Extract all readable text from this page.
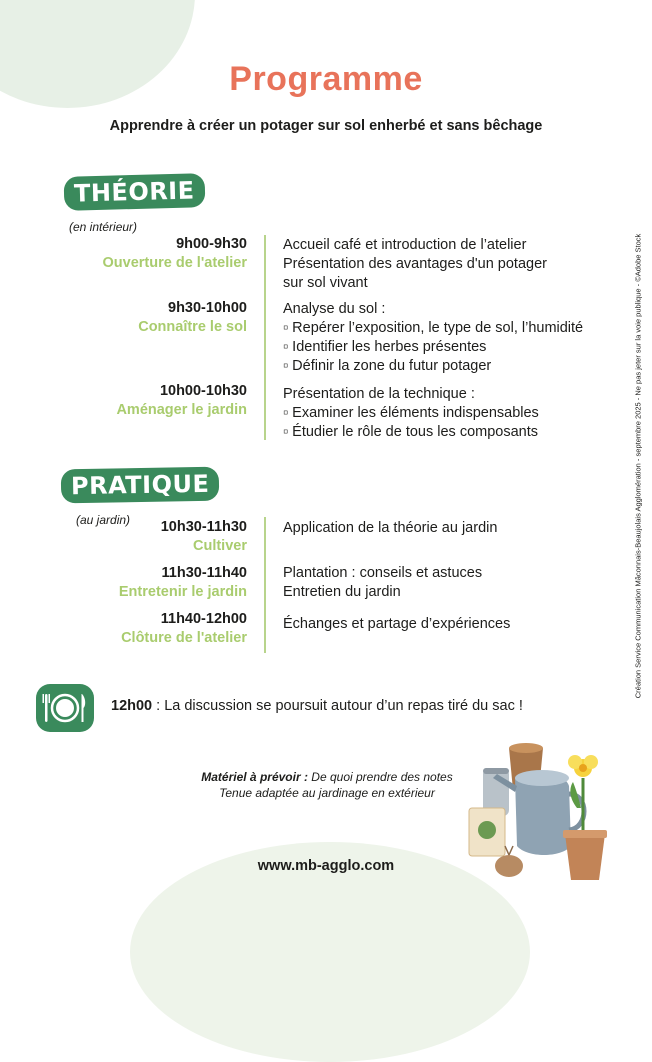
Programme
Apprendre à créer un potager sur sol enherbé et sans bêchage
THÉORIE
(en intérieur)
9h00-9h30
Ouverture de l'atelier
Accueil café et introduction de l’atelier
Présentation des avantages d'un potager
sur sol vivant
9h30-10h00
Connaître le sol
Analyse du sol :
▫ Repérer l’exposition, le type de sol, l’humidité
▫ Identifier les herbes présentes
▫ Définir la zone du futur potager
10h00-10h30
Aménager le jardin
Présentation de la technique :
▫ Examiner les éléments indispensables
▫ Étudier le rôle de tous les composants
PRATIQUE
(au jardin) 10h30-11h30
Cultiver
Application de la théorie au jardin
11h30-11h40
Entretenir le jardin
Plantation : conseils et astuces
Entretien du jardin
11h40-12h00
Clôture de l'atelier
Échanges et partage d’expériences
12h00 : La discussion se poursuit autour d’un repas tiré du sac !
Matériel à prévoir : De quoi prendre des notes
Tenue adaptée au jardinage en extérieur
www.mb-agglo.com
Création Service Communication Mâconnais-Beaujolais Agglomération - septembre 2025 - Ne pas jeter sur la voie publique - ©Adobe Stock
